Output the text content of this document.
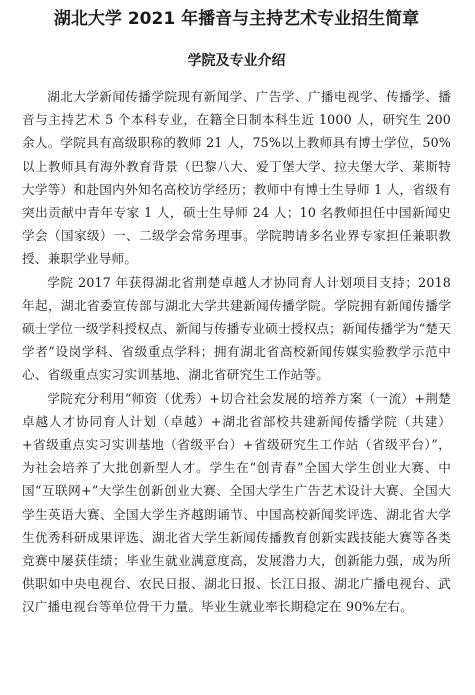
湖北大学 2021 年播音与主持艺术专业招生简章
学院及专业介绍

湖北大学新闻传播学院现有新闻学、广告学、广播电视学、传播学、播音与主持艺术 5 个本科专业，在籍全日制本科生近 1000 人，研究生 200 余人。学院具有高级职称的教师 21 人，75%以上教师具有博士学位，50%以上教师具有海外教育背景（巴黎八大、爱丁堡大学、拉夫堡大学、莱斯特大学等）和赴国内外知名高校访学经历；教师中有博士生导师 1 人，省级有突出贡献中青年专家 1 人，硕士生导师 24 人；10 名教师担任中国新闻史学会（国家级）一、二级学会常务理事。学院聘请多名业界专家担任兼职教授、兼职学业导师。

学院 2017 年获得湖北省荆楚卓越人才协同育人计划项目支持；2018 年起，湖北省委宣传部与湖北大学共建新闻传播学院。学院拥有新闻传播学硕士学位一级学科授权点、新闻与传播专业硕士授权点；新闻传播学为“楚天学者”设岗学科、省级重点学科；拥有湖北省高校新闻传媒实验教学示范中心、省级重点实习实训基地、湖北省研究生工作站等。

学院充分利用“师资（优秀）+切合社会发展的培养方案（一流）+荆楚卓越人才协同育人计划（卓越）+湖北省部校共建新闻传播学院（共建）+省级重点实习实训基地（省级平台）+省级研究生工作站（省级平台）”，为社会培养了大批创新型人才。学生在“创青春”全国大学生创业大赛、中国“互联网+”大学生创新创业大赛、全国大学生广告艺术设计大赛、全国大学生英语大赛、全国大学生齐越朗诵节、中国高校新闻奖评选、湖北省大学生优秀科研成果评选、湖北省大学生新闻传播教育创新实践技能大赛等各类竞赛中屡获佳绩；毕业生就业满意度高，发展潜力大，创新能力强，成为所供职如中央电视台、农民日报、湖北日报、长江日报、湖北广播电视台、武汉广播电视台等单位骨干力量。毕业生就业率长期稳定在 90%左右。
